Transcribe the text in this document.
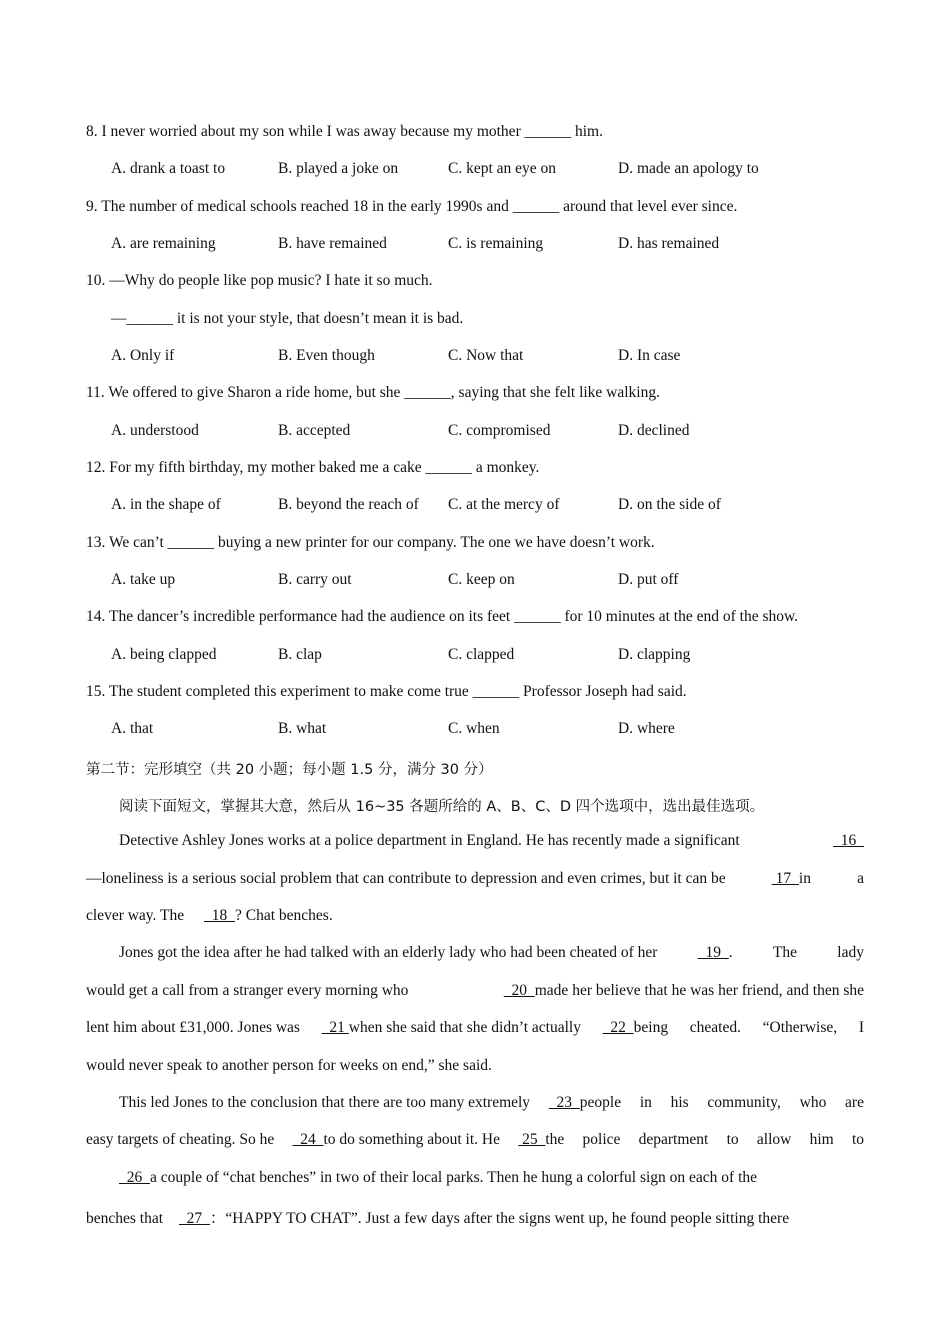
8. I never worried about my son while I was away because my mother ______ him.
A. drank a toast to	B. played a joke on	C. kept an eye on	D. made an apology to
9. The number of medical schools reached 18 in the early 1990s and ______ around that level ever since.
A. are remaining	B. have remained	C. is remaining	D. has remained
10. —Why do people like pop music? I hate it so much.
—______ it is not your style, that doesn’t mean it is bad.
A. Only if	B. Even though	C. Now that	D. In case
11. We offered to give Sharon a ride home, but she ______, saying that she felt like walking.
A. understood	B. accepted	C. compromised	D. declined
12. For my fifth birthday, my mother baked me a cake ______ a monkey.
A. in the shape of	B. beyond the reach of C. at the mercy of	D. on the side of
13. We can’t ______ buying a new printer for our company. The one we have doesn’t work.
A. take up	B. carry out	C. keep on	D. put off
14. The dancer’s incredible performance had the audience on its feet ______ for 10 minutes at the end of the show.
A. being clapped	B. clap	C. clapped	D. clapping
15. The student completed this experiment to make come true ______ Professor Joseph had said.
A. that	B. what	C. when	D. where
第二节：完形填空（共 20 小题；每小题 1.5 分，满分 30 分）
阅读下面短文，掌握其大意，然后从 16~35 各题所给的 A、B、C、D 四个选项中，选出最佳选项。
Detective Ashley Jones works at a police department in England. He has recently made a significant	16
—loneliness is a serious social problem that can contribute to depression and even crimes, but it can be	17  in	a
clever way. The   18  ? Chat benches.
Jones got the idea after he had talked with an elderly lady who had been cheated of her	19  .	The	lady
would get a call from a stranger every morning who	20  made her believe that he was her friend, and then she
lent him about £31,000. Jones was 21 when she said that she didn’t actually 22  being cheated. “Otherwise, I
would never speak to another person for weeks on end,” she said.
This led Jones to the conclusion that there are too many extremely 23  people in his community, who are
easy targets of cheating. So he 24  to do something about it. He 25  the police department to allow him to
26  a couple of “chat benches” in two of their local parks. Then he hung a colorful sign on each of the
benches that   27  ：“HAPPY TO CHAT”. Just a few days after the signs went up, he found people sitting there
